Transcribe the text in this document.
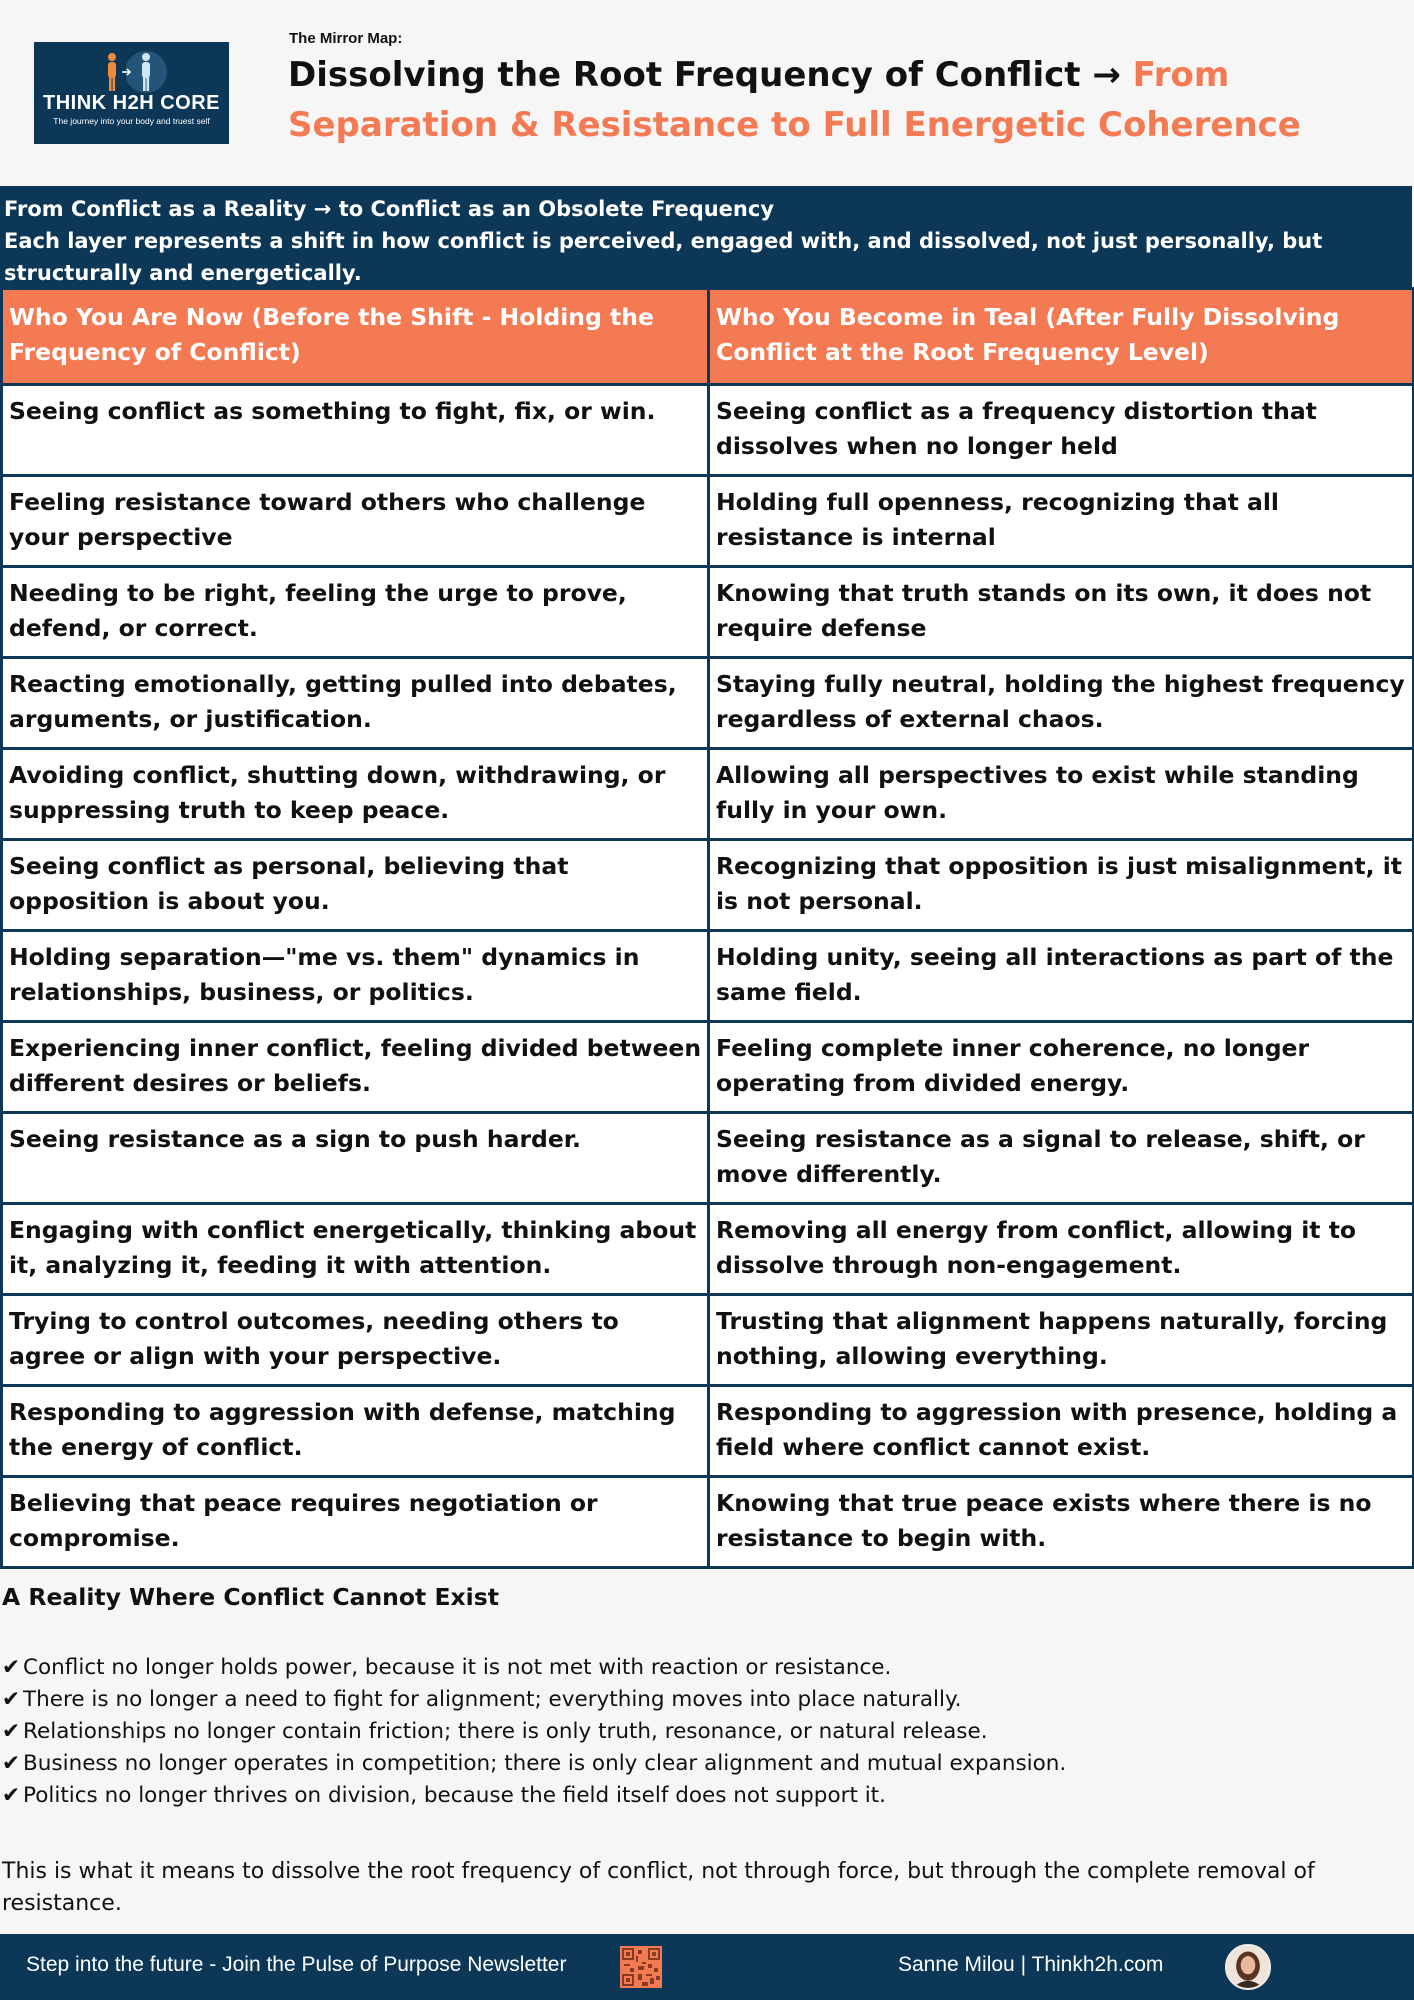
THINK H2H CORE
The journey into your body and truest self
The Mirror Map:
Dissolving the Root Frequency of Conflict → From Separation & Resistance to Full Energetic Coherence
From Conflict as a Reality → to Conflict as an Obsolete Frequency
Each layer represents a shift in how conflict is perceived, engaged with, and dissolved, not just personally, but structurally and energetically.
Who You Are Now (Before the Shift - Holding the Frequency of Conflict)	Who You Become in Teal (After Fully Dissolving Conflict at the Root Frequency Level)
Seeing conflict as something to fight, fix, or win.	Seeing conflict as a frequency distortion that dissolves when no longer held
Feeling resistance toward others who challenge your perspective	Holding full openness, recognizing that all resistance is internal
Needing to be right, feeling the urge to prove, defend, or correct.	Knowing that truth stands on its own, it does not require defense
Reacting emotionally, getting pulled into debates, arguments, or justification.	Staying fully neutral, holding the highest frequency regardless of external chaos.
Avoiding conflict, shutting down, withdrawing, or suppressing truth to keep peace.	Allowing all perspectives to exist while standing fully in your own.
Seeing conflict as personal, believing that opposition is about you.	Recognizing that opposition is just misalignment, it is not personal.
Holding separation—"me vs. them" dynamics in relationships, business, or politics.	Holding unity, seeing all interactions as part of the same field.
Experiencing inner conflict, feeling divided between different desires or beliefs.	Feeling complete inner coherence, no longer operating from divided energy.
Seeing resistance as a sign to push harder.	Seeing resistance as a signal to release, shift, or move differently.
Engaging with conflict energetically, thinking about it, analyzing it, feeding it with attention.	Removing all energy from conflict, allowing it to dissolve through non-engagement.
Trying to control outcomes, needing others to agree or align with your perspective.	Trusting that alignment happens naturally, forcing nothing, allowing everything.
Responding to aggression with defense, matching the energy of conflict.	Responding to aggression with presence, holding a field where conflict cannot exist.
Believing that peace requires negotiation or compromise.	Knowing that true peace exists where there is no resistance to begin with.
A Reality Where Conflict Cannot Exist
✔ Conflict no longer holds power, because it is not met with reaction or resistance.
✔ There is no longer a need to fight for alignment; everything moves into place naturally.
✔ Relationships no longer contain friction; there is only truth, resonance, or natural release.
✔ Business no longer operates in competition; there is only clear alignment and mutual expansion.
✔ Politics no longer thrives on division, because the field itself does not support it.
This is what it means to dissolve the root frequency of conflict, not through force, but through the complete removal of resistance.
Step into the future - Join the Pulse of Purpose Newsletter	Sanne Milou | Thinkh2h.com
